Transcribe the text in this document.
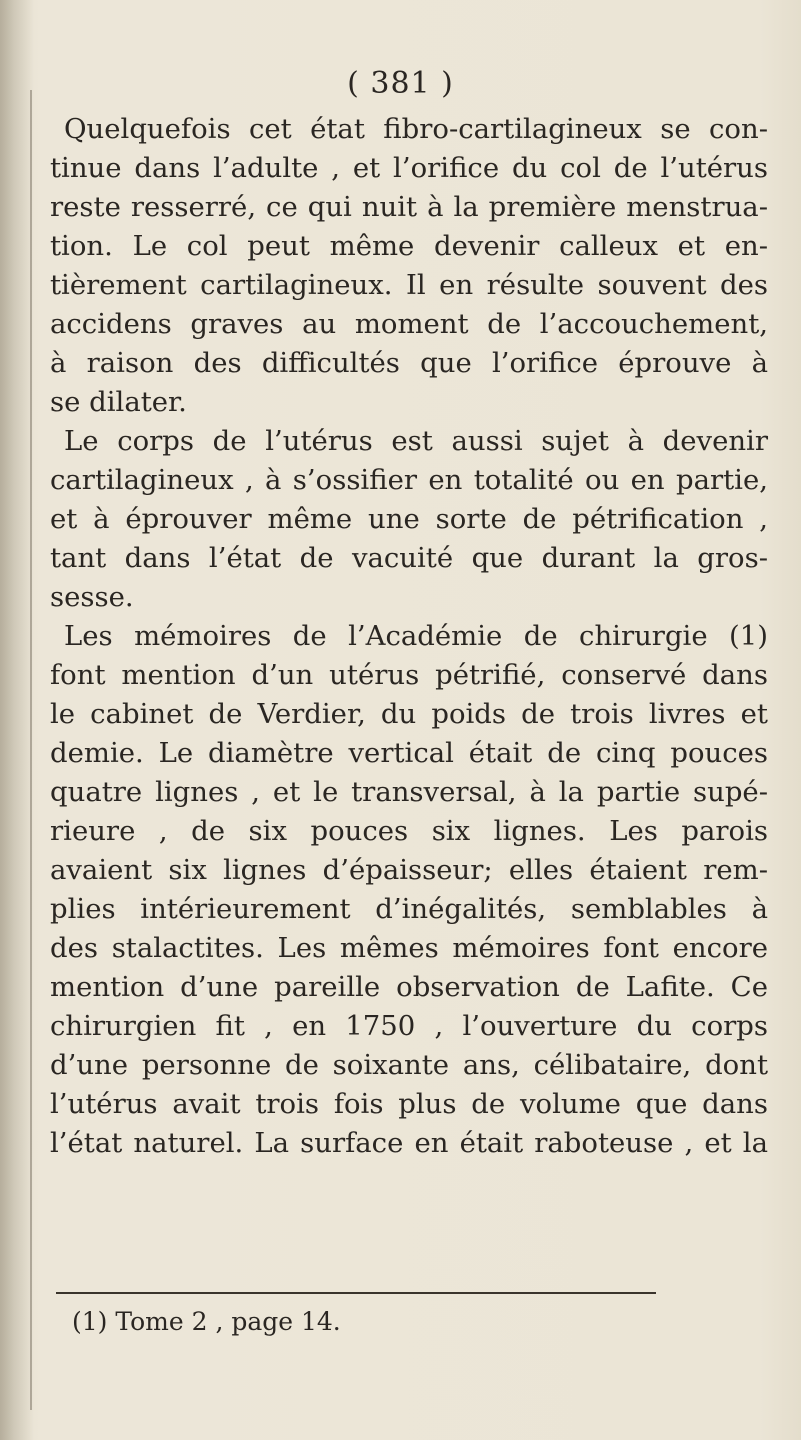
( 381 )
Quelquefois cet état fibro-cartilagineux se con-
tinue dans l’adulte , et l’orifice du col de l’utérus
reste resserré, ce qui nuit à la première menstrua-
tion. Le col peut même devenir calleux et en-
tièrement cartilagineux. Il en résulte souvent des
accidens graves au moment de l’accouchement,
à raison des difficultés que l’orifice éprouve à
se dilater.
Le corps de l’utérus est aussi sujet à devenir
cartilagineux , à s’ossifier en totalité ou en partie,
et à éprouver même une sorte de pétrification ,
tant dans l’état de vacuité que durant la gros-
sesse.
Les mémoires de l’Académie de chirurgie (1)
font mention d’un utérus pétrifié, conservé dans
le cabinet de Verdier, du poids de trois livres et
demie. Le diamètre vertical était de cinq pouces
quatre lignes , et le transversal, à la partie supé-
rieure , de six pouces six lignes. Les parois
avaient six lignes d’épaisseur; elles étaient rem-
plies intérieurement d’inégalités, semblables à
des stalactites. Les mêmes mémoires font encore
mention d’une pareille observation de Lafite. Ce
chirurgien fit , en 1750 , l’ouverture du corps
d’une personne de soixante ans, célibataire, dont
l’utérus avait trois fois plus de volume que dans
l’état naturel. La surface en était raboteuse , et la
(1) Tome 2 , page 14.
